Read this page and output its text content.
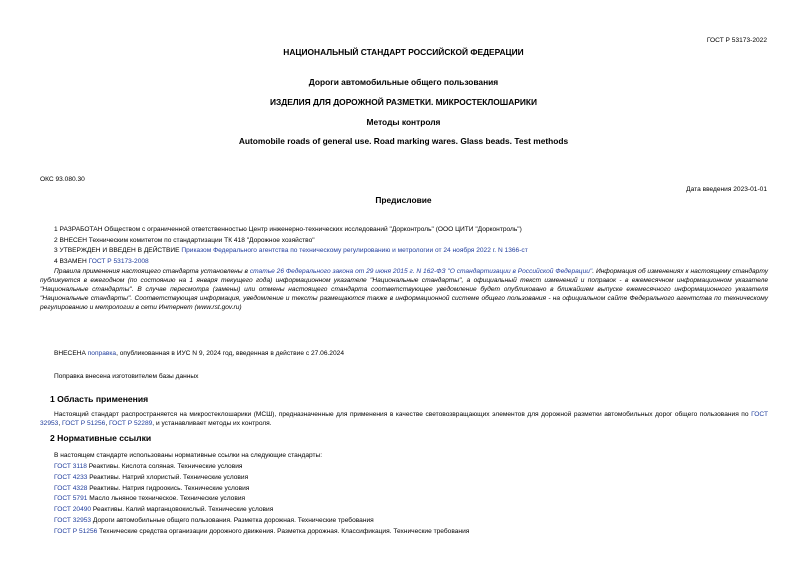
ГОСТ Р 53173-2022
НАЦИОНАЛЬНЫЙ СТАНДАРТ РОССИЙСКОЙ ФЕДЕРАЦИИ
Дороги автомобильные общего пользования
ИЗДЕЛИЯ ДЛЯ ДОРОЖНОЙ РАЗМЕТКИ. МИКРОСТЕКЛОШАРИКИ
Методы контроля
Automobile roads of general use. Road marking wares. Glass beads. Test methods
ОКС 93.080.30
Дата введения 2023-01-01
Предисловие
1 РАЗРАБОТАН Обществом с ограниченной ответственностью Центр инженерно-технических исследований "Дорконтроль" (ООО ЦИТИ "Дорконтроль")
2 ВНЕСЕН Техническим комитетом по стандартизации ТК 418 "Дорожное хозяйство"
3 УТВЕРЖДЕН И ВВЕДЕН В ДЕЙСТВИЕ Приказом Федерального агентства по техническому регулированию и метрологии от 24 ноября 2022 г. N 1366-ст
4 ВЗАМЕН ГОСТ Р 53173-2008
Правила применения настоящего стандарта установлены в статье 26 Федерального закона от 29 июня 2015 г. N 162-ФЗ "О стандартизации в Российской Федерации". Информация об изменениях к настоящему стандарту публикуется в ежегодном (по состоянию на 1 января текущего года) информационном указателе "Национальные стандарты", а официальный текст изменений и поправок - в ежемесячном информационном указателе "Национальные стандарты". В случае пересмотра (замены) или отмены настоящего стандарта соответствующее уведомление будет опубликовано в ближайшем выпуске ежемесячного информационного указателя "Национальные стандарты". Соответствующая информация, уведомление и тексты размещаются также в информационной системе общего пользования - на официальном сайте Федерального агентства по техническому регулированию и метрологии в сети Интернет (www.rst.gov.ru)
ВНЕСЕНА поправка, опубликованная в ИУС N 9, 2024 год, введенная в действие с 27.06.2024
Поправка внесена изготовителем базы данных
1 Область применения
Настоящий стандарт распространяется на микростеклошарики (МСШ), предназначенные для применения в качестве световозвращающих элементов для дорожной разметки автомобильных дорог общего пользования по ГОСТ 32953, ГОСТ Р 51256, ГОСТ Р 52289, и устанавливает методы их контроля.
2 Нормативные ссылки
В настоящем стандарте использованы нормативные ссылки на следующие стандарты:
ГОСТ 3118 Реактивы. Кислота соляная. Технические условия
ГОСТ 4233 Реактивы. Натрий хлористый. Технические условия
ГОСТ 4328 Реактивы. Натрия гидроокись. Технические условия
ГОСТ 5791 Масло льняное техническое. Технические условия
ГОСТ 20490 Реактивы. Калий марганцовокислый. Технические условия
ГОСТ 32953 Дороги автомобильные общего пользования. Разметка дорожная. Технические требования
ГОСТ Р 51256 Технические средства организации дорожного движения. Разметка дорожная. Классификация. Технические требования
